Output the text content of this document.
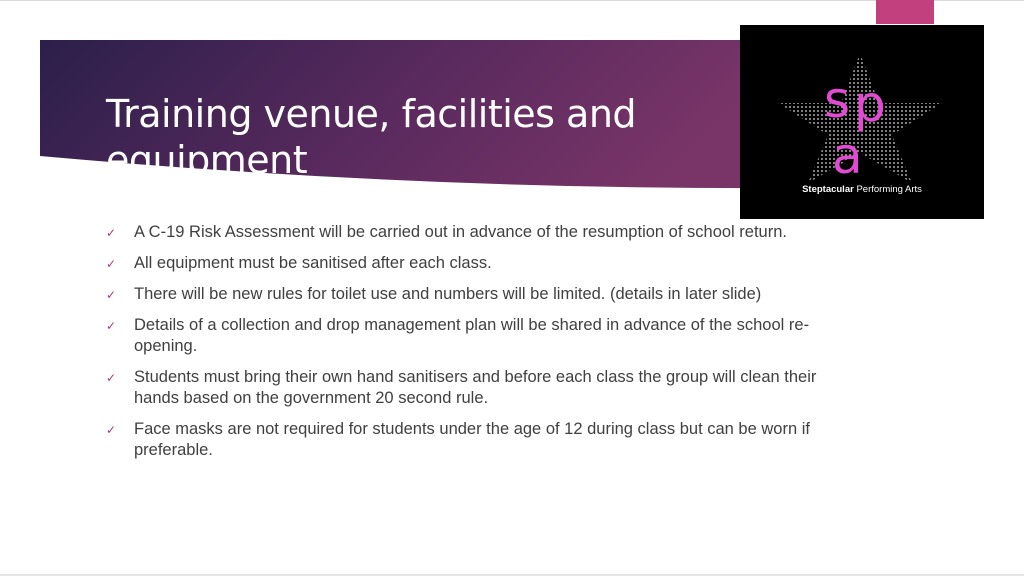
Training venue, facilities and equipment
s p
a
Steptacular Performing Arts
✓ A C-19 Risk Assessment will be carried out in advance of the resumption of school return.
✓ All equipment must be sanitised after each class.
✓ There will be new rules for toilet use and numbers will be limited. (details in later slide)
✓ Details of a collection and drop management plan will be shared in advance of the school re-opening.
✓ Students must bring their own hand sanitisers and before each class the group will clean their hands based on the government 20 second rule.
✓ Face masks are not required for students under the age of 12 during class but can be worn if preferable.
